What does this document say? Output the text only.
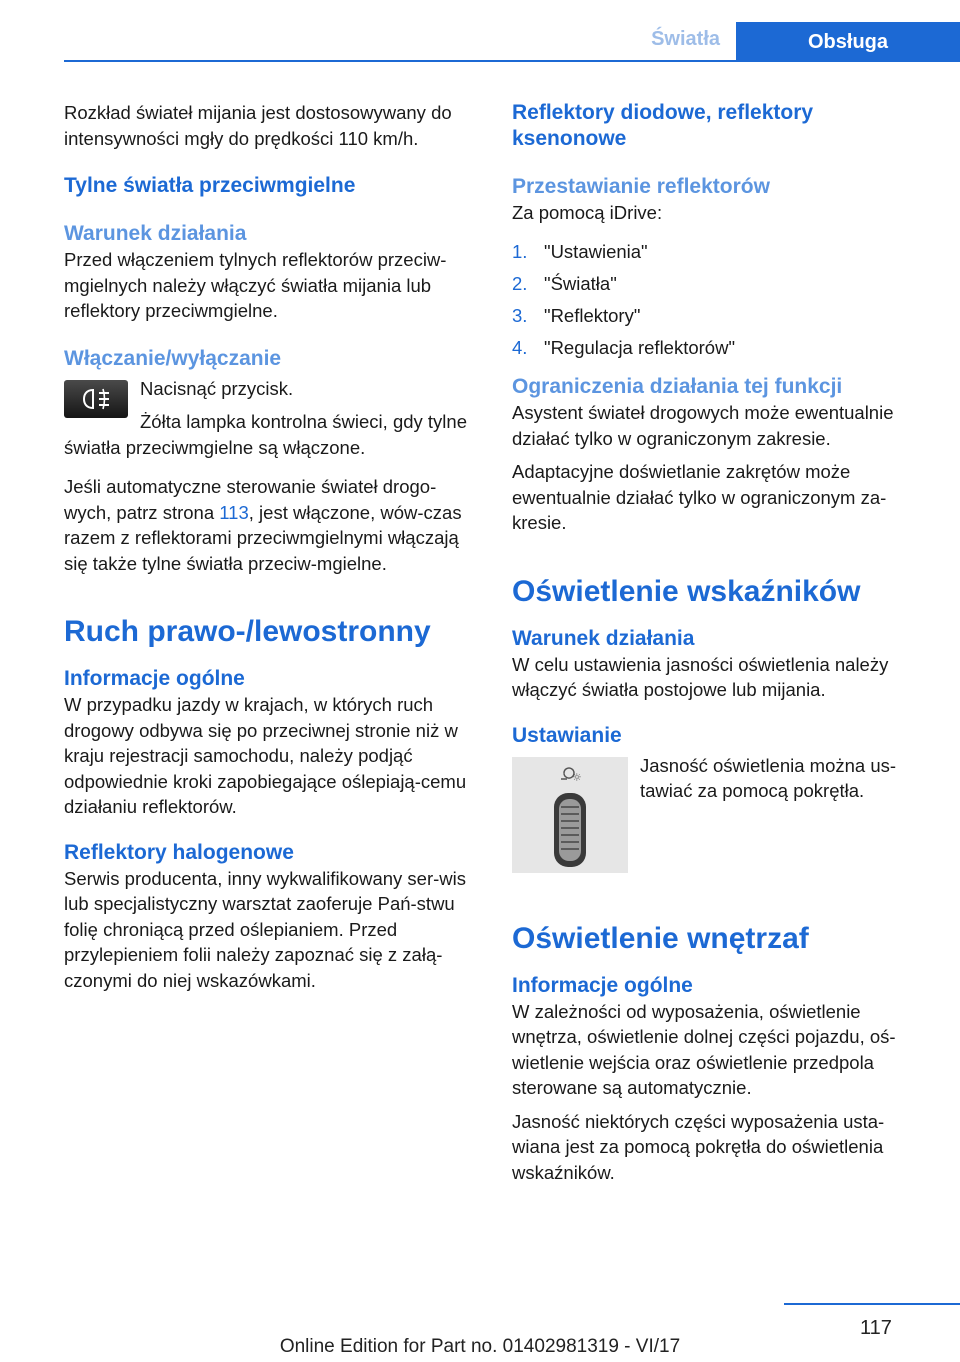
Światła	Obsługa

Rozkład świateł mijania jest dostosowywany do intensywności mgły do prędkości 110 km/h.

Tylne światła przeciwmgielne
Warunek działania

Przed włączeniem tylnych reflektorów przeciw-mgielnych należy włączyć światła mijania lub reflektory przeciwmgielne.

Włączanie/wyłączanie

Nacisnąć przycisk.

Żółta lampka kontrolna świeci, gdy tylne światła przeciwmgielne są włączone.

Jeśli automatyczne sterowanie świateł drogo-wych, patrz strona 113, jest włączone, wów-czas razem z reflektorami przeciwmgielnymi włączają się także tylne światła przeciw-mgielne.

Ruch prawo-/lewostronny
Informacje ogólne

W przypadku jazdy w krajach, w których ruch drogowy odbywa się po przeciwnej stronie niż w kraju rejestracji samochodu, należy podjąć odpowiednie kroki zapobiegające oślepiają-cemu działaniu reflektorów.

Reflektory halogenowe

Serwis producenta, inny wykwalifikowany ser-wis lub specjalistyczny warsztat zaoferuje Pań-stwu folię chroniącą przed oślepianiem. Przed przylepieniem folii należy zapoznać się z załą-czonymi do niej wskazówkami.

Reflektory diodowe, reflektory ksenonowe
Przestawianie reflektorów

Za pomocą iDrive:

1. "Ustawienia"
2. "Światła"
3. "Reflektory"
4. "Regulacja reflektorów"
Ograniczenia działania tej funkcji

Asystent świateł drogowych może ewentualnie działać tylko w ograniczonym zakresie.

Adaptacyjne doświetlanie zakrętów może ewentualnie działać tylko w ograniczonym za-kresie.

Oświetlenie wskaźników
Warunek działania

W celu ustawienia jasności oświetlenia należy włączyć światła postojowe lub mijania.

Ustawianie
☼

Jasność oświetlenia można us-tawiać za pomocą pokrętła.

Oświetlenie wnętrzaf
Informacje ogólne

W zależności od wyposażenia, oświetlenie wnętrza, oświetlenie dolnej części pojazdu, oś-wietlenie wejścia oraz oświetlenie przedpola sterowane są automatycznie.

Jasność niektórych części wyposażenia usta-wiana jest za pomocą pokrętła do oświetlenia wskaźników.

117
Online Edition for Part no. 01402981319 - VI/17
